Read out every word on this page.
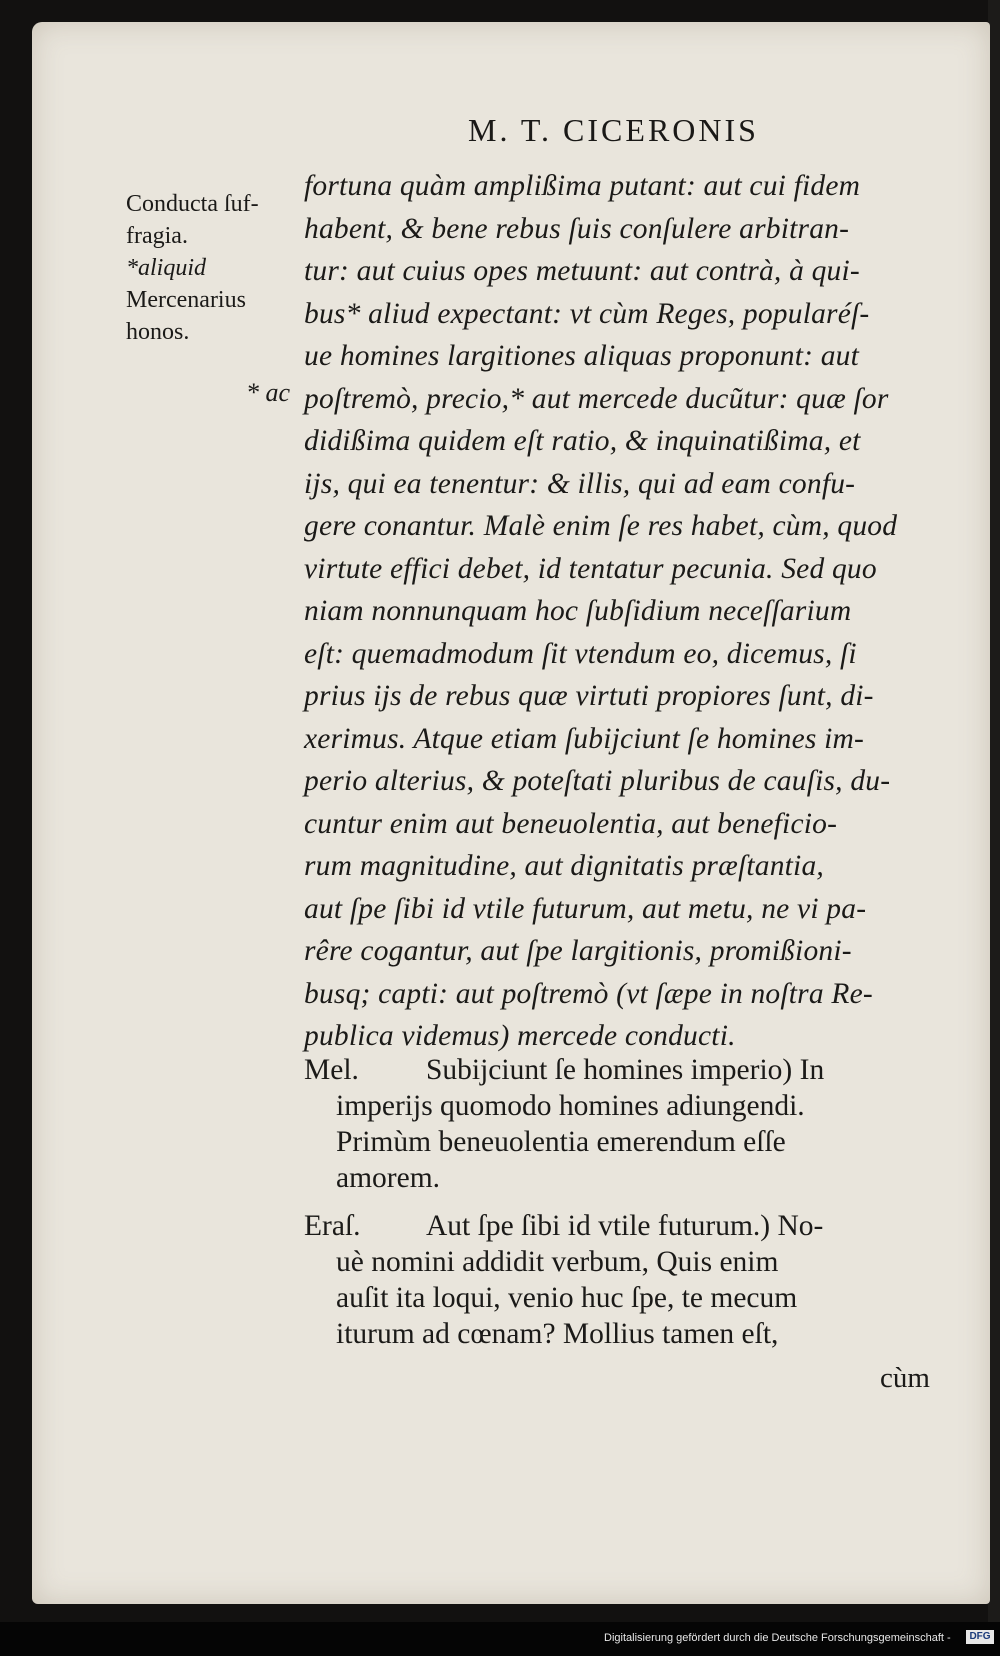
M. T. CICERONIS
Conducta ſuf-
fragia.
*aliquid
Mercenarius
honos.
* ac
fortuna quàm amplißima putant: aut cui fidem
habent, & bene rebus ſuis conſulere arbitran-
tur: aut cuius opes metuunt: aut contrà, à qui-
bus* aliud expectant: vt cùm Reges, popularéſ-
ue homines largitiones aliquas proponunt: aut
poſtremò, precio,* aut mercede ducũtur: quæ ſor
didißima quidem eſt ratio, & inquinatißima, et
ijs, qui ea tenentur: & illis, qui ad eam confu-
gere conantur. Malè enim ſe res habet, cùm, quod
virtute effici debet, id tentatur pecunia. Sed quo
niam nonnunquam hoc ſubſidium neceſſarium
eſt: quemadmodum ſit vtendum eo, dicemus, ſi
prius ijs de rebus quæ virtuti propiores ſunt, di-
xerimus. Atque etiam ſubijciunt ſe homines im-
perio alterius, & poteſtati pluribus de cauſis, du-
cuntur enim aut beneuolentia, aut beneficio-
rum magnitudine, aut dignitatis præſtantia,
aut ſpe ſibi id vtile futurum, aut metu, ne vi pa-
rêre cogantur, aut ſpe largitionis, promißioni-
busq; capti: aut poſtremò (vt ſæpe in noſtra Re-
publica videmus) mercede conducti.
Mel. Subijciunt ſe homines imperio) In
imperijs quomodo homines adiungendi.
Primùm beneuolentia emerendum eſſe
amorem.
Eraſ. Aut ſpe ſibi id vtile futurum.) No-
uè nomini addidit verbum, Quis enim
auſit ita loqui, venio huc ſpe, te mecum
iturum ad cœnam? Mollius tamen eſt,
cùm
Digitalisierung gefördert durch die Deutsche Forschungsgemeinschaft -	DFG
